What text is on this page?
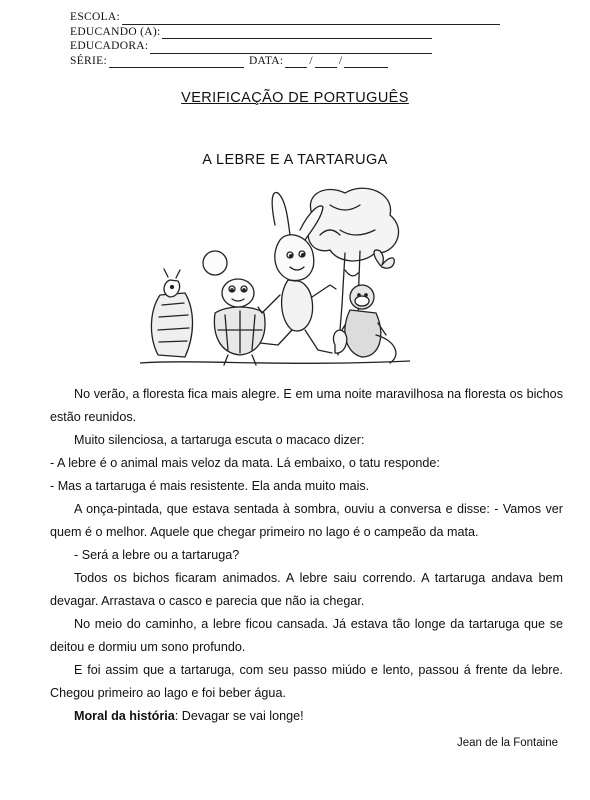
ESCOLA:
EDUCANDO (A):
EDUCADORA:
SÉRIE:	DATA: / /
VERIFICAÇÃO DE PORTUGUÊS
A LEBRE E A TARTARUGA

No verão, a floresta fica mais alegre. E em uma noite maravilhosa na floresta os bichos estão reunidos.

Muito silenciosa, a tartaruga escuta o macaco dizer:

- A lebre é o animal mais veloz da mata. Lá embaixo, o tatu responde:

- Mas a tartaruga é mais resistente. Ela anda muito mais.

A onça-pintada, que estava sentada à sombra, ouviu a conversa e disse: - Vamos ver quem é o melhor. Aquele que chegar primeiro no lago é o campeão da mata.

- Será a lebre ou a tartaruga?

Todos os bichos ficaram animados. A lebre saiu correndo. A tartaruga andava bem devagar. Arrastava o casco e parecia que não ia chegar.

No meio do caminho, a lebre ficou cansada. Já estava tão longe da tartaruga que se deitou e dormiu um sono profundo.

E foi assim que a tartaruga, com seu passo miúdo e lento, passou á frente da lebre. Chegou primeiro ao lago e foi beber água.

Moral da história: Devagar se vai longe!

Jean de la Fontaine
